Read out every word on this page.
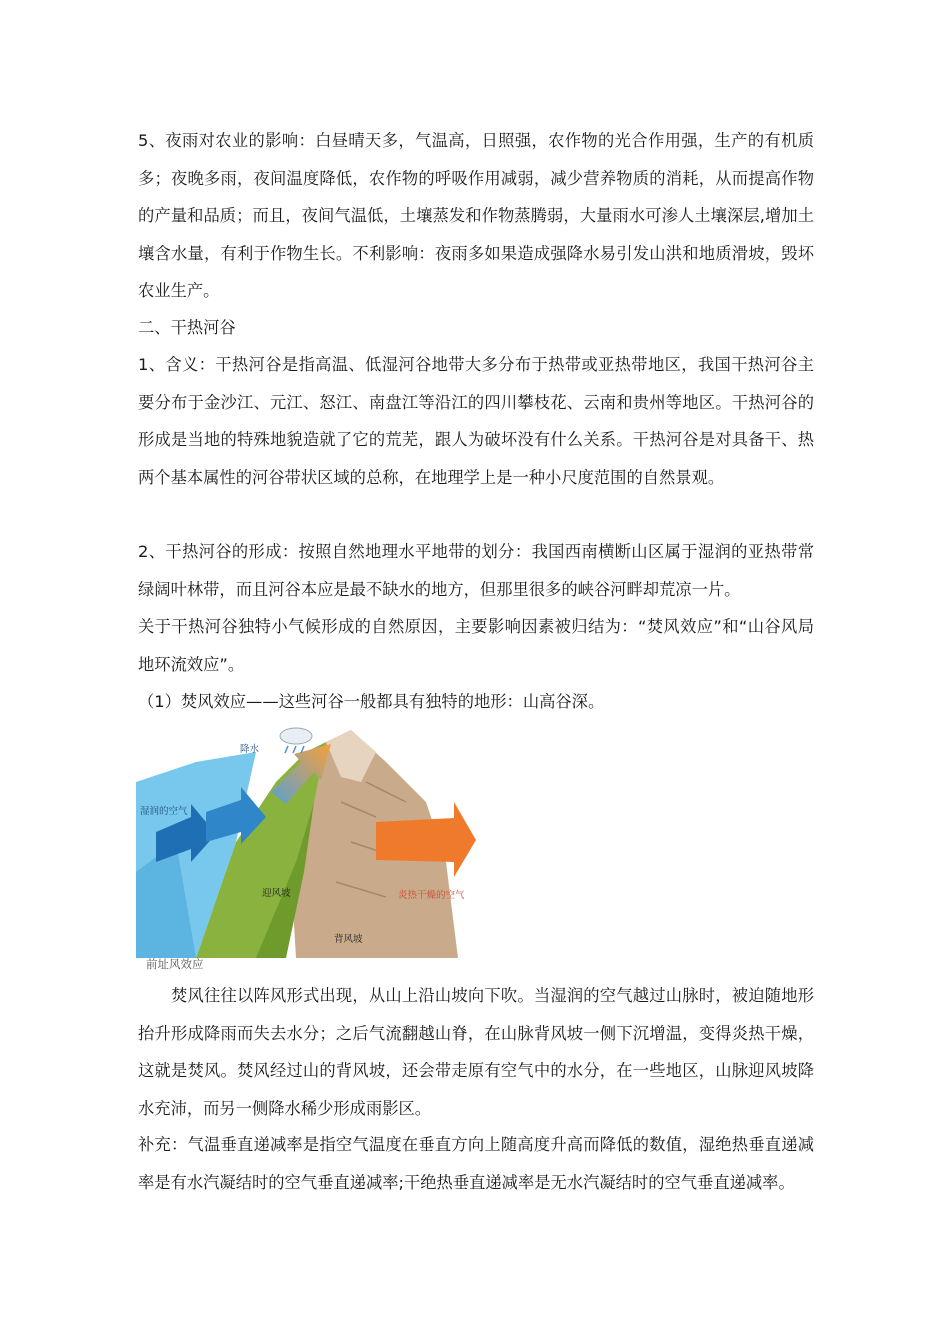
5、夜雨对农业的影响：白昼晴天多，气温高，日照强，农作物的光合作用强，生产的有机质多；夜晚多雨，夜间温度降低，农作物的呼吸作用减弱，减少营养物质的消耗，从而提高作物的产量和品质；而且，夜间气温低，土壤蒸发和作物蒸腾弱，大量雨水可渗人土壤深层,增加土壤含水量，有利于作物生长。不利影响：夜雨多如果造成强降水易引发山洪和地质滑坡，毁坏农业生产。

二、干热河谷

1、含义：干热河谷是指高温、低湿河谷地带大多分布于热带或亚热带地区，我国干热河谷主要分布于金沙江、元江、怒江、南盘江等沿江的四川攀枝花、云南和贵州等地区。干热河谷的形成是当地的特殊地貌造就了它的荒芜，跟人为破坏没有什么关系。干热河谷是对具备干、热两个基本属性的河谷带状区域的总称，在地理学上是一种小尺度范围的自然景观。

2、干热河谷的形成：按照自然地理水平地带的划分：我国西南横断山区属于湿润的亚热带常绿阔叶林带，而且河谷本应是最不缺水的地方，但那里很多的峡谷河畔却荒凉一片。

关于干热河谷独特小气候形成的自然原因，主要影响因素被归结为：“焚风效应”和“山谷风局地环流效应”。

（1）焚风效应——这些河谷一般都具有独特的地形：山高谷深。

降水
湿润的空气
炎热干燥的空气
迎风坡
背风坡
前址风效应

焚风往往以阵风形式出现，从山上沿山坡向下吹。当湿润的空气越过山脉时，被迫随地形抬升形成降雨而失去水分；之后气流翻越山脊，在山脉背风坡一侧下沉增温，变得炎热干燥，这就是焚风。焚风经过山的背风坡，还会带走原有空气中的水分，在一些地区，山脉迎风坡降水充沛，而另一侧降水稀少形成雨影区。

补充：气温垂直递减率是指空气温度在垂直方向上随高度升高而降低的数值，湿绝热垂直递减率是有水汽凝结时的空气垂直递减率;干绝热垂直递减率是无水汽凝结时的空气垂直递减率。
